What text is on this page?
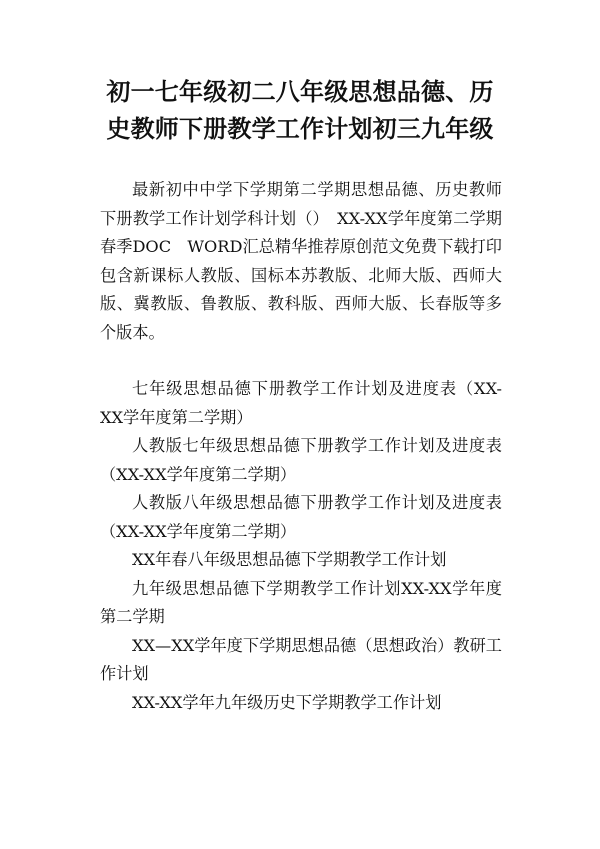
初一七年级初二八年级思想品德、历
史教师下册教学工作计划初三九年级

最新初中中学下学期第二学期思想品德、历史教师下册教学工作计划学科计划（）　XX-XX学年度第二学期春季DOC　WORD汇总精华推荐原创范文免费下载打印包含新课标人教版、国标本苏教版、北师大版、西师大版、冀教版、鲁教版、教科版、西师大版、长春版等多个版本。

七年级思想品德下册教学工作计划及进度表（XX-XX学年度第二学期）

人教版七年级思想品德下册教学工作计划及进度表（XX-XX学年度第二学期）

人教版八年级思想品德下册教学工作计划及进度表（XX-XX学年度第二学期）

XX年春八年级思想品德下学期教学工作计划

九年级思想品德下学期教学工作计划XX-XX学年度第二学期

XX—XX学年度下学期思想品德（思想政治）教研工作计划

XX-XX学年九年级历史下学期教学工作计划
